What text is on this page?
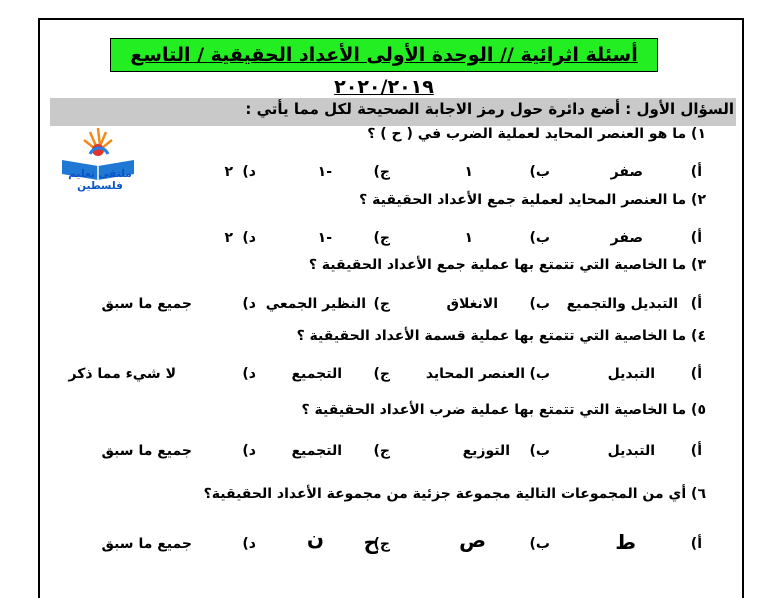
أسئلة اثرائية // الوحدة الأولى الأعداد الحقيقية / التاسع ٢٠٢٠/٢٠١٩
السؤال الأول : أضع دائرة حول رمز الاجابة الصحيحة لكل مما يأتي :
ملتقى تعليم فلسطين
١) ما هو العنصر المحايد لعملية الضرب في ( ح ) ؟
أ)
صفر
ب)
١
ج)
-١
د)
٢
٢) ما العنصر المحايد لعملية جمع الأعداد الحقيقية ؟
أ)
صفر
ب)
١
ج)
-١
د)
٢
٣) ما الخاصية التي تتمتع بها عملية جمع الأعداد الحقيقية ؟
أ)
التبديل والتجميع
ب)
الانغلاق
ج)
النظير الجمعي
د)
جميع ما سبق
٤) ما الخاصية التي تتمتع بها عملية قسمة الأعداد الحقيقية ؟
أ)
التبديل
ب)
العنصر المحايد
ج)
التجميع
د)
لا شيء مما ذكر
٥) ما الخاصية التي تتمتع بها عملية ضرب الأعداد الحقيقية ؟
أ)
التبديل
ب)
التوزيع
ج)
التجميع
د)
جميع ما سبق
٦) أي من المجموعات التالية مجموعة جزئية من مجموعة الأعداد الحقيقية؟
أ)
ط
ب)
ص
ج)
ح
ن
د)
جميع ما سبق
